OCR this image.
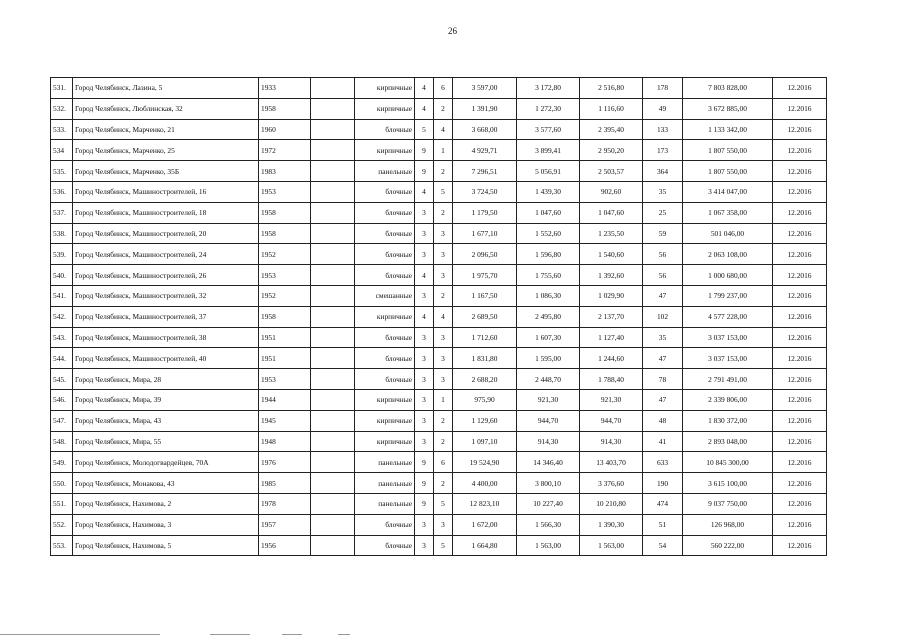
26
531.	Город Челябинск, Лазина, 5	1933		кирпичные	4	6	3 597,00	3 172,80	2 516,80	178	7 803 828,00	12.2016
532.	Город Челябинск, Люблинская, 32	1958		кирпичные	4	2	1 391,90	1 272,30	1 116,60	49	3 672 885,00	12.2016
533.	Город Челябинск, Марченко, 21	1960		блочные	5	4	3 668,00	3 577,60	2 395,40	133	1 133 342,00	12.2016
534	Город Челябинск, Марченко, 25	1972		кирпичные	9	1	4 929,71	3 899,41	2 950,20	173	1 807 550,00	12.2016
535.	Город Челябинск, Марченко, 35Б	1983		панельные	9	2	7 296,51	5 056,91	2 503,57	364	1 807 550,00	12.2016
536.	Город Челябинск, Машиностроителей, 16	1953		блочные	4	5	3 724,50	1 439,30	902,60	35	3 414 047,00	12.2016
537.	Город Челябинск, Машиностроителей, 18	1958		блочные	3	2	1 179,50	1 047,60	1 047,60	25	1 067 358,00	12.2016
538.	Город Челябинск, Машиностроителей, 20	1958		блочные	3	3	1 677,10	1 552,60	1 235,50	59	501 046,00	12.2016
539.	Город Челябинск, Машиностроителей, 24	1952		блочные	3	3	2 096,50	1 596,80	1 540,60	56	2 063 108,00	12.2016
540.	Город Челябинск, Машиностроителей, 26	1953		блочные	4	3	1 975,70	1 755,60	1 392,60	56	1 000 680,00	12.2016
541.	Город Челябинск, Машиностроителей, 32	1952		смешанные	3	2	1 167,50	1 086,30	1 029,90	47	1 799 237,00	12.2016
542.	Город Челябинск, Машиностроителей, 37	1958		кирпичные	4	4	2 689,50	2 495,80	2 137,70	102	4 577 228,00	12.2016
543.	Город Челябинск, Машиностроителей, 38	1951		блочные	3	3	1 712,60	1 607,30	1 127,40	35	3 037 153,00	12.2016
544.	Город Челябинск, Машиностроителей, 40	1951		блочные	3	3	1 831,80	1 595,00	1 244,60	47	3 037 153,00	12.2016
545.	Город Челябинск, Мира, 28	1953		блочные	3	3	2 688,20	2 448,70	1 788,40	78	2 791 491,00	12.2016
546.	Город Челябинск, Мира, 39	1944		кирпичные	3	1	975,90	921,30	921,30	47	2 339 806,00	12.2016
547.	Город Челябинск, Мира, 43	1945		кирпичные	3	2	1 129,60	944,70	944,70	48	1 830 372,00	12.2016
548.	Город Челябинск, Мира, 55	1948		кирпичные	3	2	1 097,10	914,30	914,30	41	2 893 048,00	12.2016
549.	Город Челябинск, Молодогвардейцев, 70А	1976		панельные	9	6	19 524,90	14 346,40	13 403,70	633	10 845 300,00	12.2016
550.	Город Челябинск, Монакова, 43	1985		панельные	9	2	4 400,00	3 800,10	3 376,60	190	3 615 100,00	12.2016
551.	Город Челябинск, Нахимова, 2	1978		панельные	9	5	12 823,10	10 227,40	10 210,80	474	9 037 750,00	12.2016
552.	Город Челябинск, Нахимова, 3	1957		блочные	3	3	1 672,00	1 566,30	1 390,30	51	126 968,00	12.2016
553.	Город Челябинск, Нахимова, 5	1956		блочные	3	5	1 664,80	1 563,00	1 563,00	54	560 222,00	12.2016
